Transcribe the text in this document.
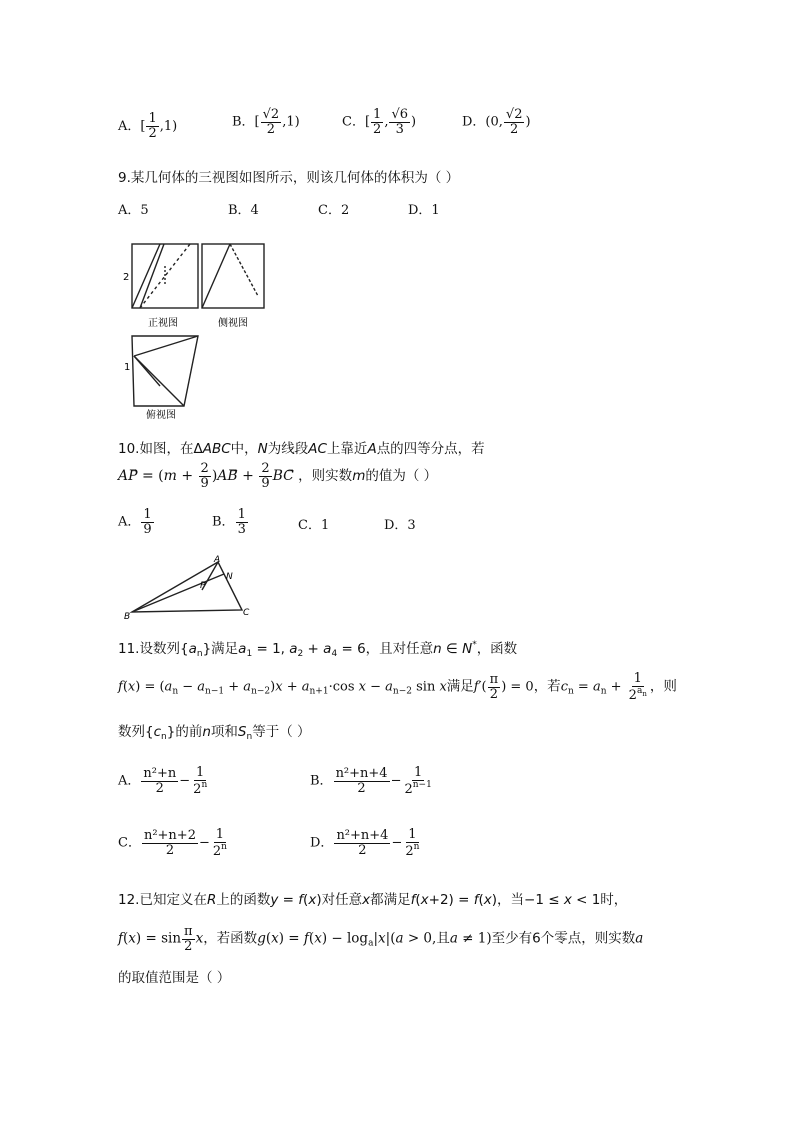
A．[ $\frac{1}{2} ,1$)	B．[ $\frac{√2}{2} ,1$)	C．[ $\frac{1}{2}$ , $\frac{√6}{3}$ )	D．(0, $\frac{√2}{2}$ )
9.某几何体的三视图如图所示，则该几何体的体积为（ ）
A．5	B．4	C．2	D．1
2
1
正视图	侧视图
俯视图
10.如图，在ΔABC中，N为线段AC上靠近A点的四等分点，若
AP⃗ = ($m + \frac{2}{9}$ )AB⃗ + $\frac{2}{9}$ BC ，则实数m的值为（ ）
A． $\frac{1}{9}$	B． $\frac{1}{3}$	C．1	D．3
A
B	C
N
P
11.设数列$\{a_n\}$满足$a_1 = 1$, $a_2 + a_4 = 6$，且对任意n ∈ N*，函数
$f(x) = (a_n - a_{n-1} + a_{n-2})x + a_{n+1}\cdot\cos$ $x - a_{n-2}$ sin x满足$f'( \frac{\pi}{2}$ ) = 0，若$c_n = a_n + \frac{1}{2^{a_n}}$ ，则
数列$\{c_n\}$的前n项和$S_n$等于（ ）
A． $\frac{\text{n²+n}}{2} - \frac{1}{2^n}$	B． $\frac{\text{n²+n+4}}{2} - \frac{1}{2^{n-1}}$
C． $\frac{\text{n²+n+2}}{2} - \frac{1}{2^n}$	D． $\frac{\text{n²+n+4}}{2} - \frac{1}{2^n}$
12.已知定义在R上的函数y = f(x)对任意x都满足f(x+2) = f(x)，当−1 ≤ x < 1时，
$f(x) = \sin \frac{\pi}{2}$ x，若函数$g(x) = f(x) - \log_a|x|(a > 0$,且a ≠ 1)至少有6个零点，则实数a
的取值范围是（ ）
